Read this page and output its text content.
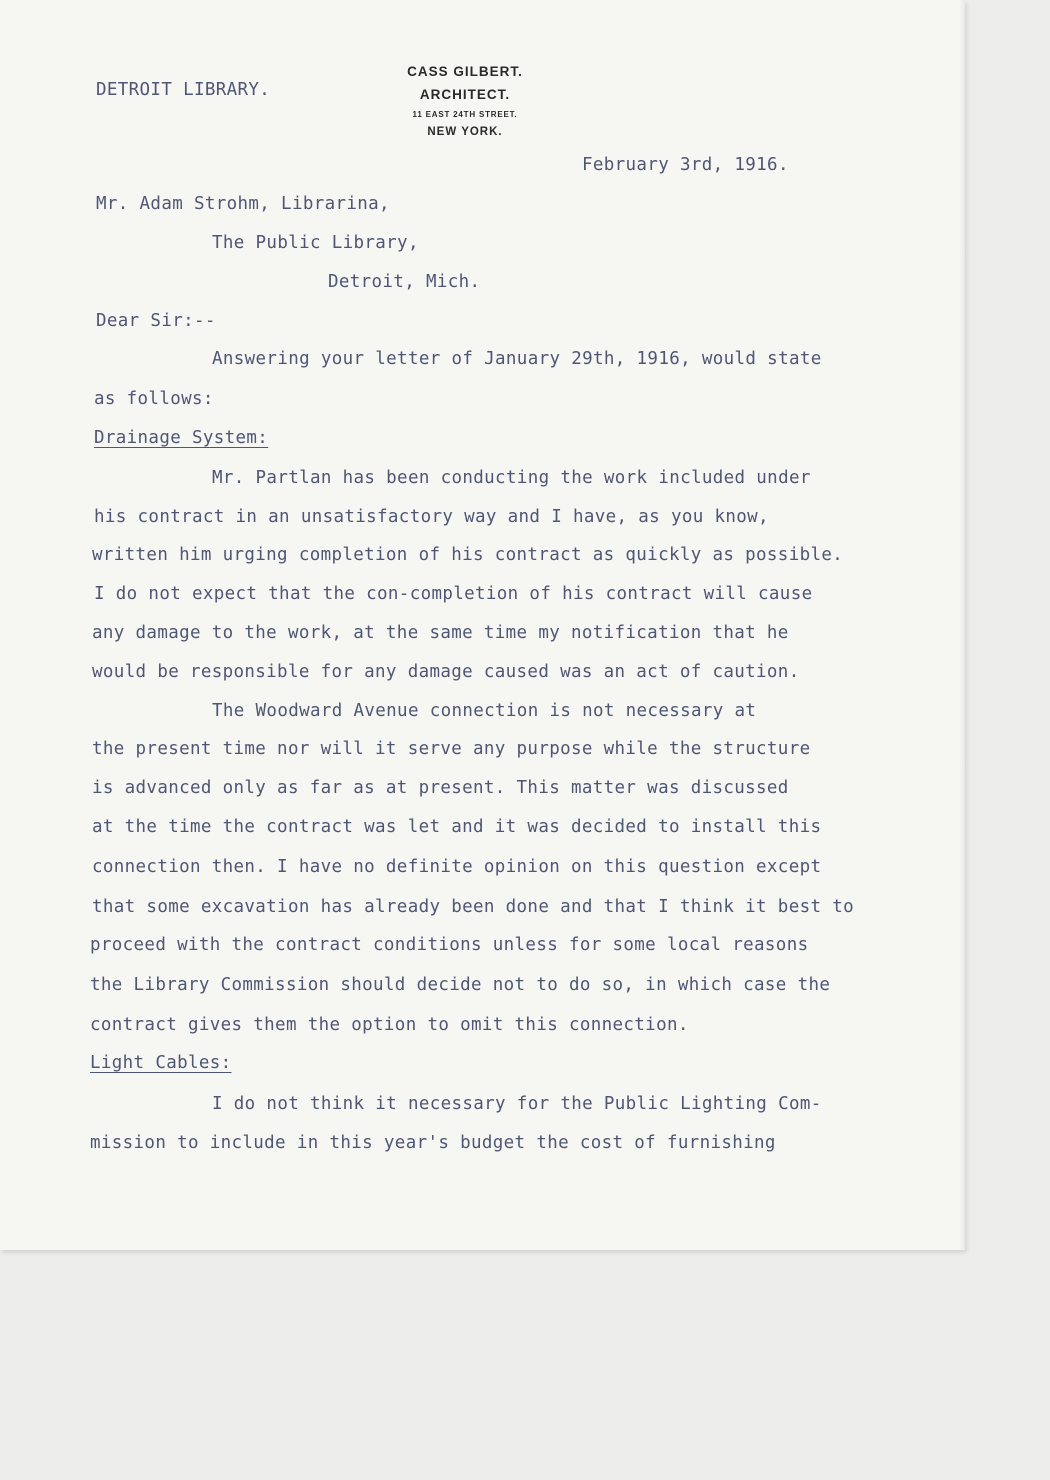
CASS GILBERT.
ARCHITECT.
11 EAST 24TH STREET.
NEW YORK.
DETROIT LIBRARY.
February 3rd, 1916.
Mr. Adam Strohm, Librarina,
The Public Library,
Detroit, Mich.
Dear Sir:--
Answering your letter of January 29th, 1916, would state
as follows:
Drainage System:
Mr. Partlan has been conducting the work included under
his contract in an unsatisfactory way and I have, as you know,
written him urging completion of his contract as quickly as possible.
I do not expect that the con-completion of his contract will cause
any damage to the work, at the same time my notification that he
would be responsible for any damage caused was an act of caution.
The Woodward Avenue connection is not necessary at
the present time nor will it serve any purpose while the structure
is advanced only as far as at present. This matter was discussed
at the time the contract was let and it was decided to install this
connection then. I have no definite opinion on this question except
that some excavation has already been done and that I think it best to
proceed with the contract conditions unless for some local reasons
the Library Commission should decide not to do so, in which case the
contract gives them the option to omit this connection.
Light Cables:
I do not think it necessary for the Public Lighting Com-
mission to include in this year's budget the cost of furnishing
